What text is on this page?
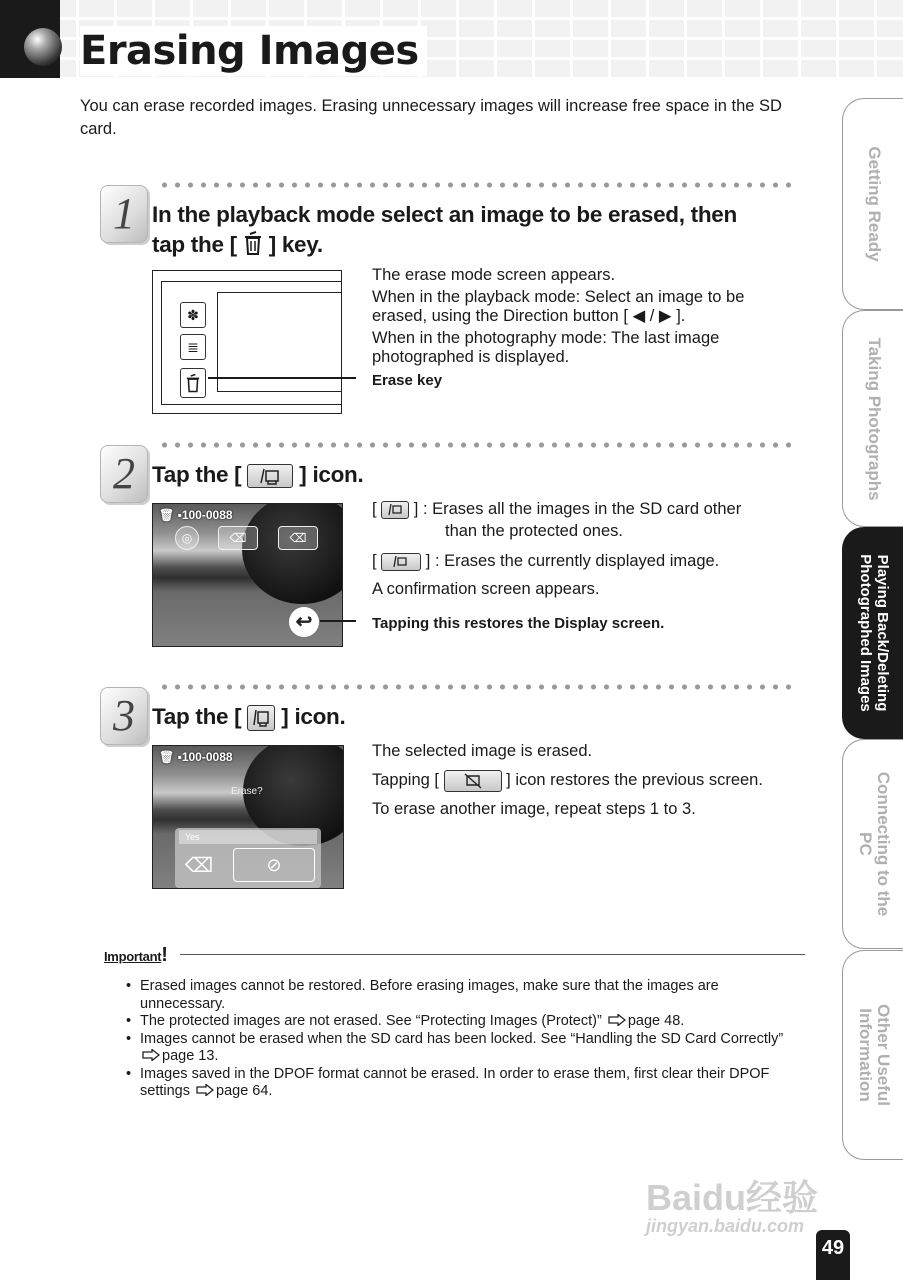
Erasing Images
You can erase recorded images. Erasing unnecessary images will increase free space in the SD card.
1 In the playback mode select an image to be erased, then
tap the [ ] key.
✽
≣
The erase mode screen appears.
When in the playback mode: Select an image to be
erased, using the Direction button [ ◀ / ▶ ].
When in the photography mode: The last image
photographed is displayed.
Erase key
2 Tap the [	] icon.
🗑 ▪100-0088
◎	⌫	⌫
↩
[ ] : Erases all the images in the SD card other
than the protected ones.
[	] : Erases the currently displayed image.
A confirmation screen appears.
Tapping this restores the Display screen.
3 Tap the [ ] icon.
🗑 ▪100-0088
Erase?
Yes
⌫	⊘
The selected image is erased.
Tapping [	] icon restores the previous screen.
To erase another image, repeat steps 1 to 3.
Important!
• Erased images cannot be restored. Before erasing images, make sure that the images are unnecessary.
• The protected images are not erased. See “Protecting Images (Protect)” page 48.
• Images cannot be erased when the SD card has been locked. See “Handling the SD Card Correctly” page 13.
• Images saved in the DPOF format cannot be erased. In order to erase them, first clear their DPOF settings page 64.
Getting Ready
Taking Photographs
Playing Back/Deleting
Photographed Images
Connecting to the
PC
Other Useful
Information
Baidu经验
jingyan.baidu.com
49
